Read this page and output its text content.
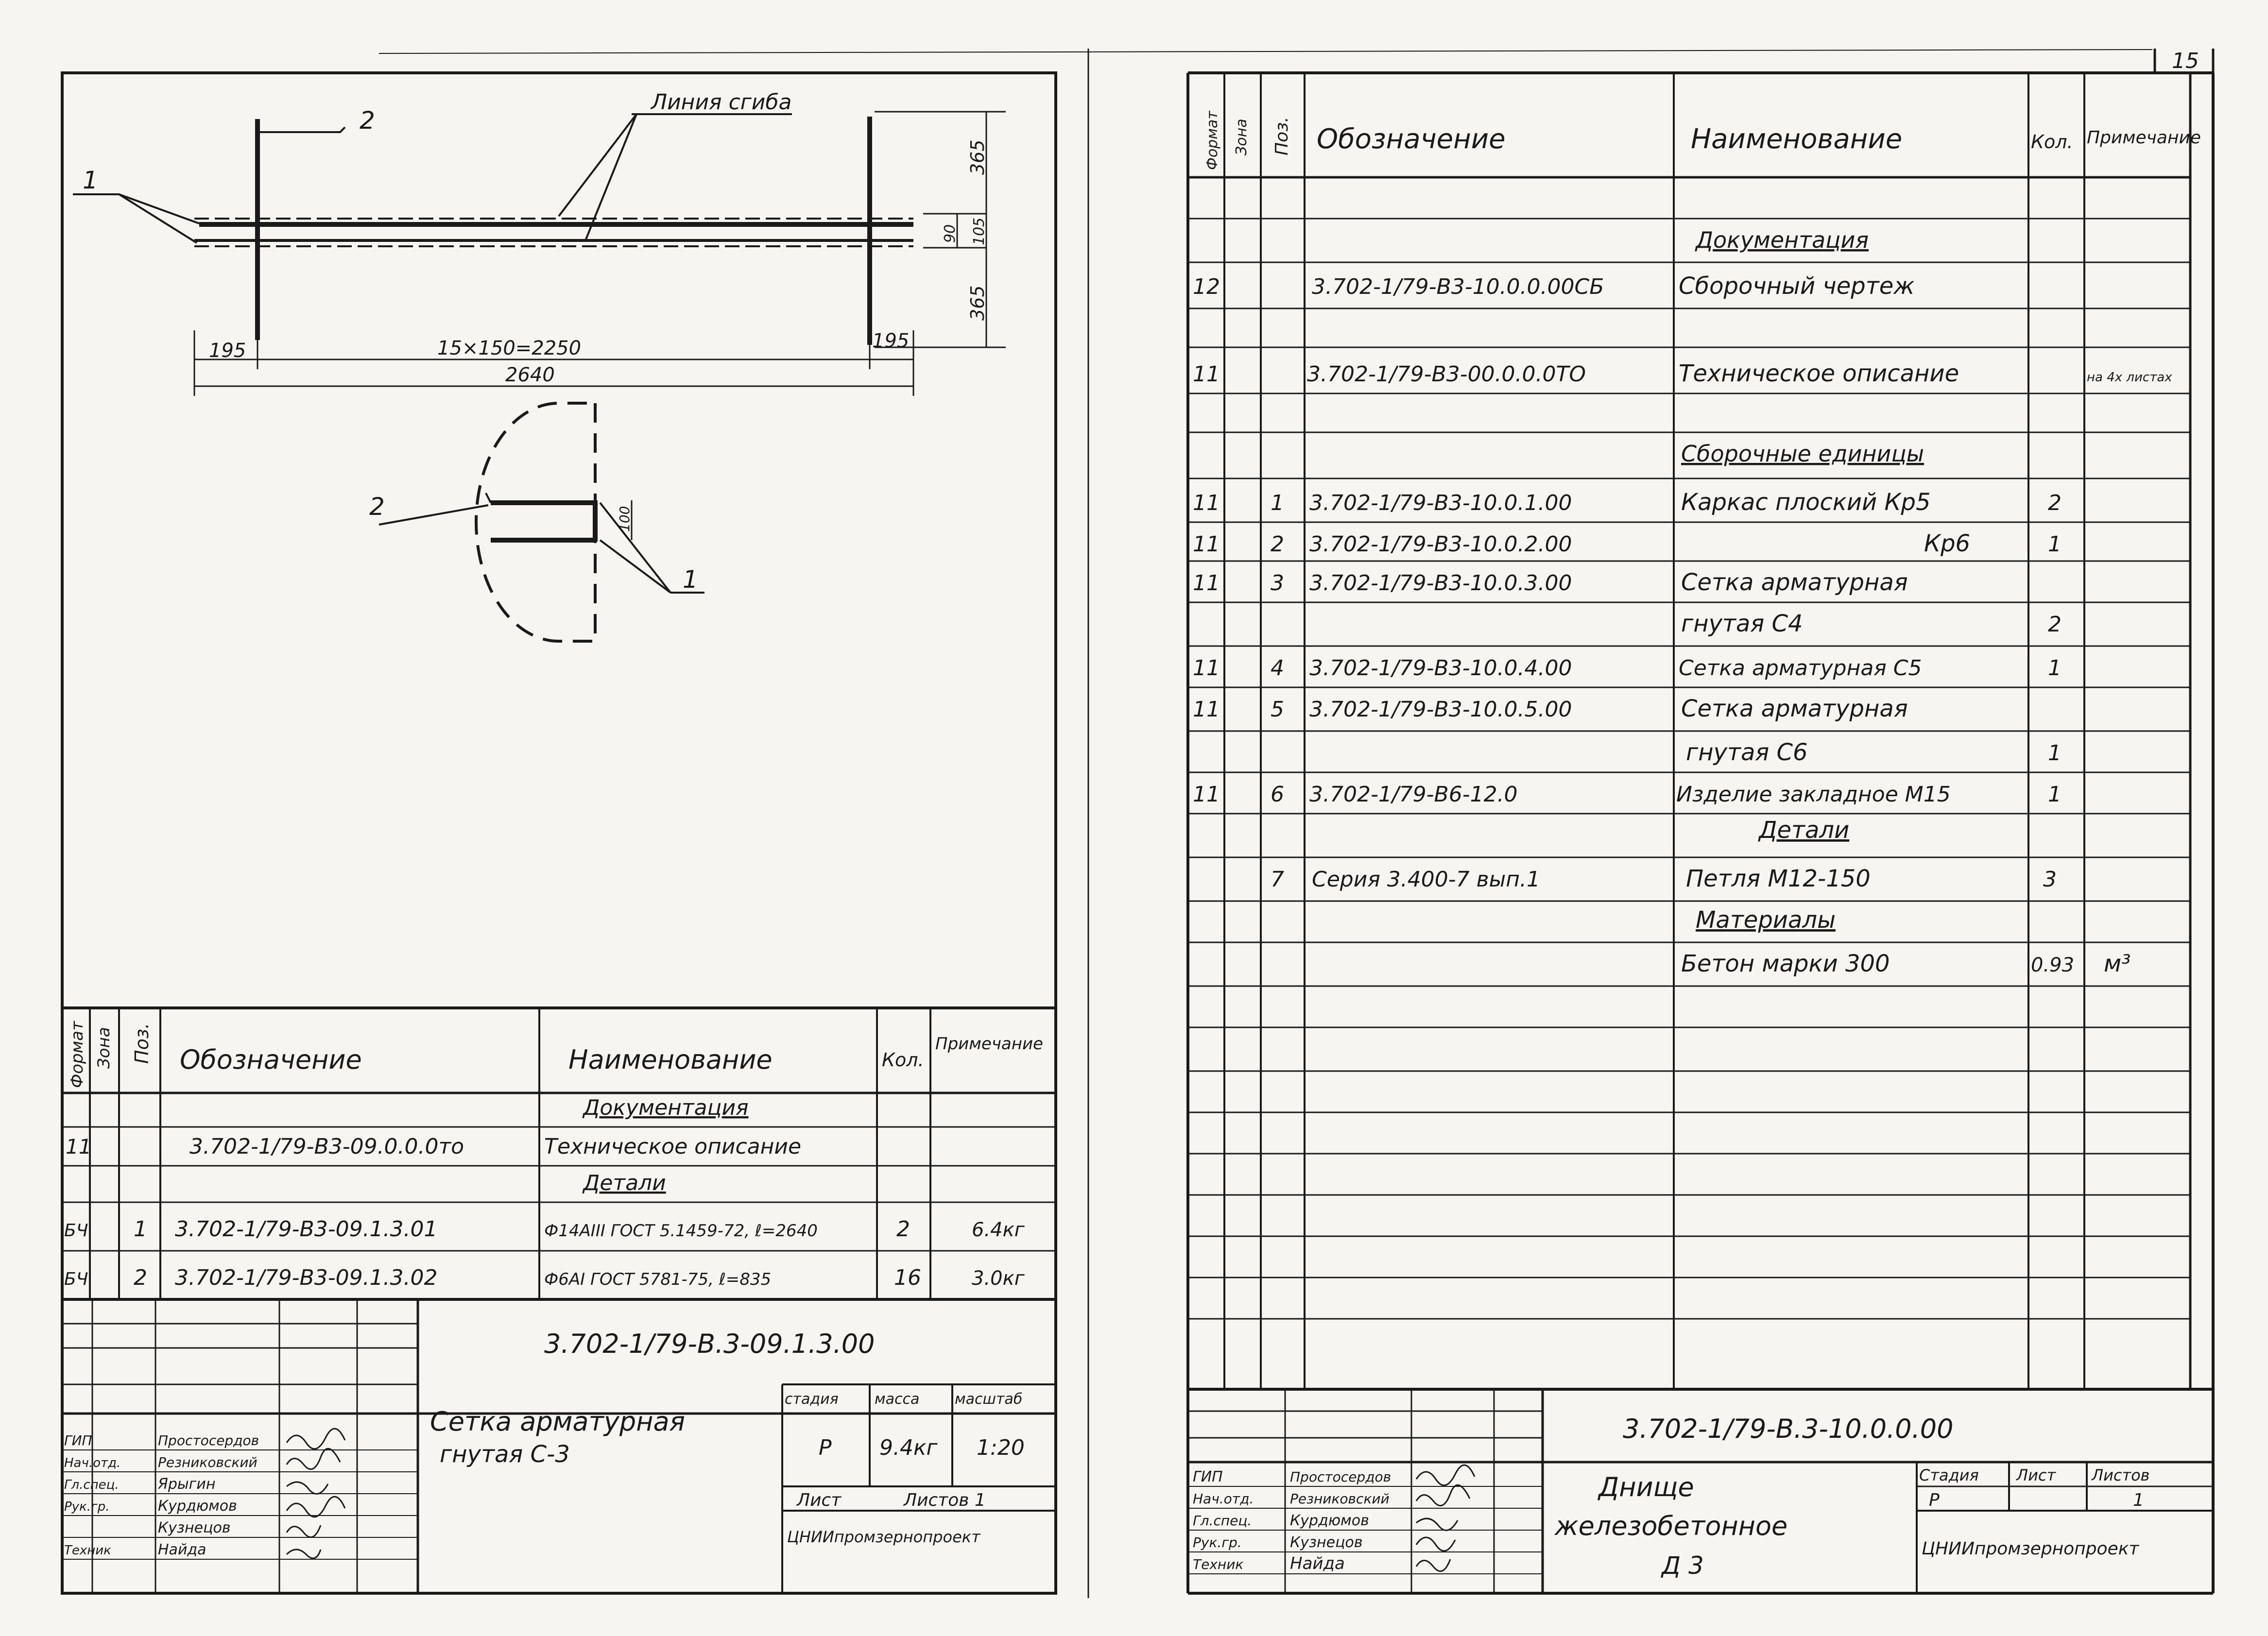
15
2
1
Линия сгиба
365
90 105
365
195	15×150=2250	195
2640
2
1
100
Формат Зона Поз. Обозначение	Наименование	Кол.
Примечание
Документация
11	3.702-1/79-В3-09.0.0.0то	Техническое описание
Детали
БЧ 1 3.702-1/79-В3-09.1.3.01	Ф14АIII ГОСТ 5.1459-72, ℓ=2640	2	6.4кг
БЧ 2 3.702-1/79-В3-09.1.3.02	Ф6АI ГОСТ 5781-75, ℓ=835	16	3.0кг
3.702-1/79-В.3-09.1.3.00
Сетка арматурная
гнутая С-3
стадия масса масштаб
Р 9.4кг 1:20
Лист	Листов 1
ЦНИИпромзернопроект
ГИП	Простосердов
Нач.отд.	Резниковский
Гл.спец.	Ярыгин
Рук.гр.	Курдюмов
Кузнецов
Техник	Найда
Формат Зона Поз. Обозначение	Наименование	Кол. Примечание
Документация
12	3.702-1/79-В3-10.0.0.00СБ	Сборочный чертеж
11	3.702-1/79-В3-00.0.0.0ТО	Техническое описание	на 4х листах
Сборочные единицы
11 1 3.702-1/79-В3-10.0.1.00	Каркас плоский Кр5	2
11 2 3.702-1/79-В3-10.0.2.00	Кр6	1
11 3 3.702-1/79-В3-10.0.3.00	Сетка арматурная
гнутая С4	2
11 4 3.702-1/79-В3-10.0.4.00	Сетка арматурная С5	1
11 5 3.702-1/79-В3-10.0.5.00	Сетка арматурная
гнутая С6	1
11 6 3.702-1/79-В6-12.0	Изделие закладное М15	1
Детали
7 Серия 3.400-7 вып.1	Петля М12-150	3
Материалы
Бетон марки 300	0.93 м³
3.702-1/79-В.3-10.0.0.00
Днище
железобетонное
Д 3
Стадия Лист Листов
Р	1
ЦНИИпромзернопроект
ГИП	Простосердов
Нач.отд.	Резниковский
Гл.спец.	Курдюмов
Рук.гр.	Кузнецов
Техник	Найда
